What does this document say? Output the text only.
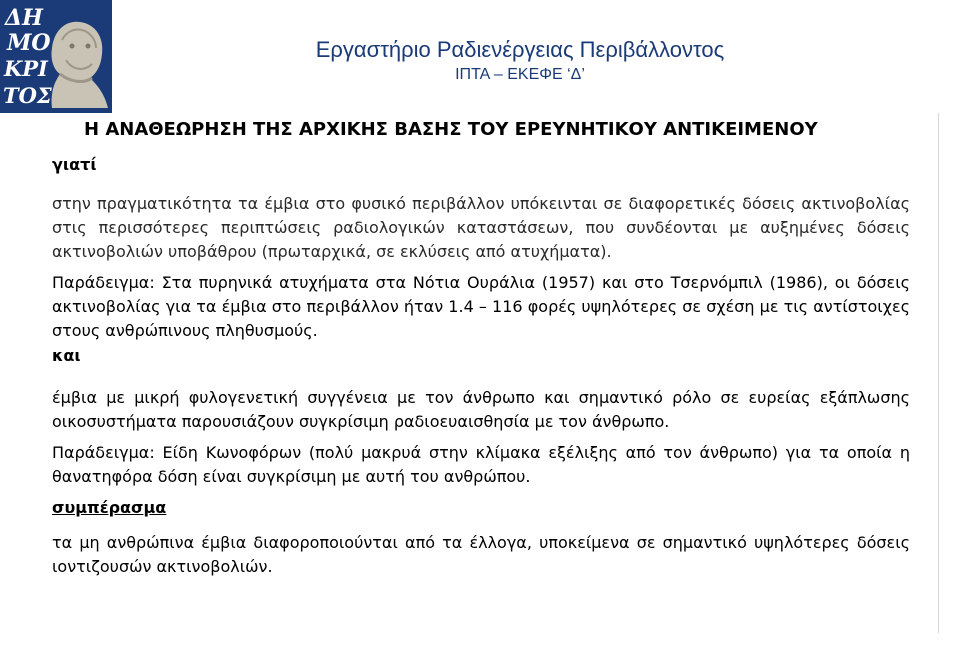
ΔΗ
ΜΟ
ΚΡΙ
ΤΟΣ
Εργαστήριο Ραδιενέργειας Περιβάλλοντος
ΙΠΤΑ – ΕΚΕΦΕ ‘Δ’
Η ΑΝΑΘΕΩΡΗΣΗ ΤΗΣ ΑΡΧΙΚΗΣ ΒΑΣΗΣ ΤΟΥ ΕΡΕΥΝΗΤΙΚΟΥ ΑΝΤΙΚΕΙΜΕΝΟΥ
γιατί
στην πραγματικότητα τα έμβια στο φυσικό περιβάλλον υπόκεινται σε διαφορετικές δόσεις ακτινοβολίας στις περισσότερες περιπτώσεις ραδιολογικών καταστάσεων, που συνδέονται με αυξημένες δόσεις ακτινοβολιών υποβάθρου (πρωταρχικά, σε εκλύσεις από ατυχήματα).
Παράδειγμα: Στα πυρηνικά ατυχήματα στα Νότια Ουράλια (1957) και στο Τσερνόμπιλ (1986), οι δόσεις ακτινοβολίας για τα έμβια στο περιβάλλον ήταν 1.4 – 116 φορές υψηλότερες σε σχέση με τις αντίστοιχες στους ανθρώπινους πληθυσμούς.
και
έμβια με μικρή φυλογενετική συγγένεια με τον άνθρωπο και σημαντικό ρόλο σε ευρείας εξάπλωσης οικοσυστήματα παρουσιάζουν συγκρίσιμη ραδιοευαισθησία με τον άνθρωπο.
Παράδειγμα: Είδη Κωνοφόρων (πολύ μακρυά στην κλίμακα εξέλιξης από τον άνθρωπο) για τα οποία η θανατηφόρα δόση είναι συγκρίσιμη με αυτή του ανθρώπου.
συμπέρασμα
τα μη ανθρώπινα έμβια διαφοροποιούνται από τα έλλογα, υποκείμενα σε σημαντικό υψηλότερες δόσεις ιοντιζουσών ακτινοβολιών.
